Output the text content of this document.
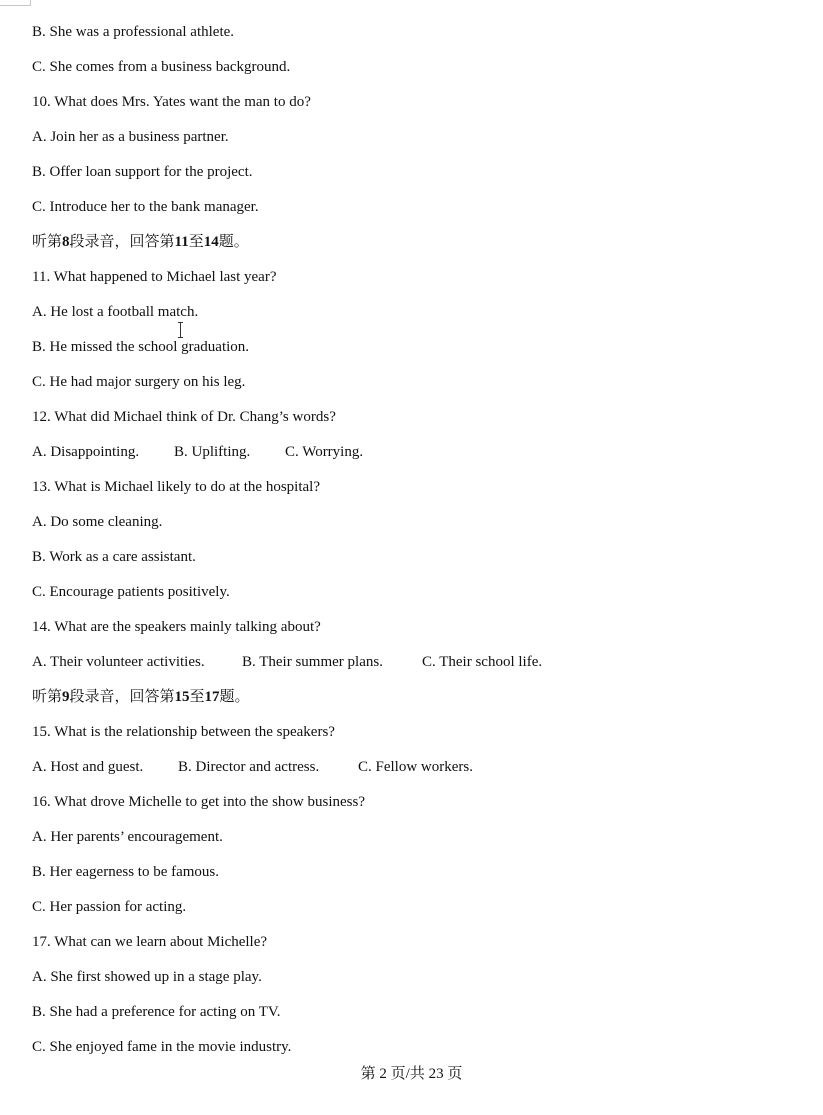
B. She was a professional athlete.
C. She comes from a business background.
10. What does Mrs. Yates want the man to do?
A. Join her as a business partner.
B. Offer loan support for the project.
C. Introduce her to the bank manager.
听第8段录音，回答第11至14题。
11. What happened to Michael last year?
A. He lost a football match.
B. He missed the school graduation.
C. He had major surgery on his leg.
12. What did Michael think of Dr. Chang’s words?
A. Disappointing. B. Uplifting. C. Worrying.
13. What is Michael likely to do at the hospital?
A. Do some cleaning.
B. Work as a care assistant.
C. Encourage patients positively.
14. What are the speakers mainly talking about?
A. Their volunteer activities. B. Their summer plans.	C. Their school life.
听第9段录音，回答第15至17题。
15. What is the relationship between the speakers?
A. Host and guest. B. Director and actress.	C. Fellow workers.
16. What drove Michelle to get into the show business?
A. Her parents’ encouragement.
B. Her eagerness to be famous.
C. Her passion for acting.
17. What can we learn about Michelle?
A. She first showed up in a stage play.
B. She had a preference for acting on TV.
C. She enjoyed fame in the movie industry.
第 2 页/共 23 页
